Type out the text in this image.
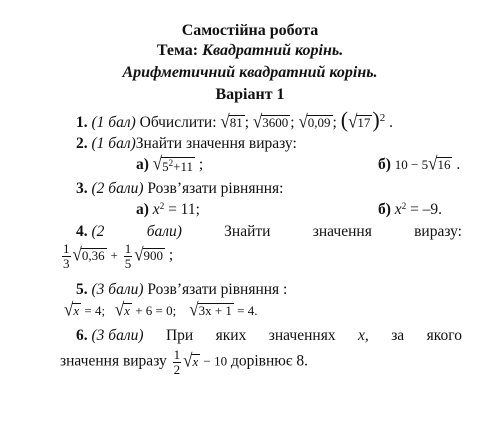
Самостійна робота
Тема: Квадратний корінь.
Арифметичний квадратний корінь.
Варіант 1
1. (1 бал) Обчислити: √ 81 ; √ 3600 ; √ 0,09 ; ( √ 17 )$^2$ .
2. (1 бал)Знайти значення виразу:
а) √ $5^2+11$ ;	б) 10 − 5 √ 16 .
3. (2 бали) Розв’язати рівняння:
а) $x^2 = 11$;	б) $x^2 = -9$.
4. (2	бали)	Знайти	значення	виразу:
$\frac{1}{3}$ √ $0,36 + \frac{1}{5}$ √ 900 ;
5. (3 бали) Розв’язати рівняння :
√ x = 4; √ x + 6 = 0; √ 3x + 1 = 4.
6. (3 бали) При яких значеннях x, за якого
значення виразу $\frac{1}{2}$ √ x − 10 дорівнює 8.
